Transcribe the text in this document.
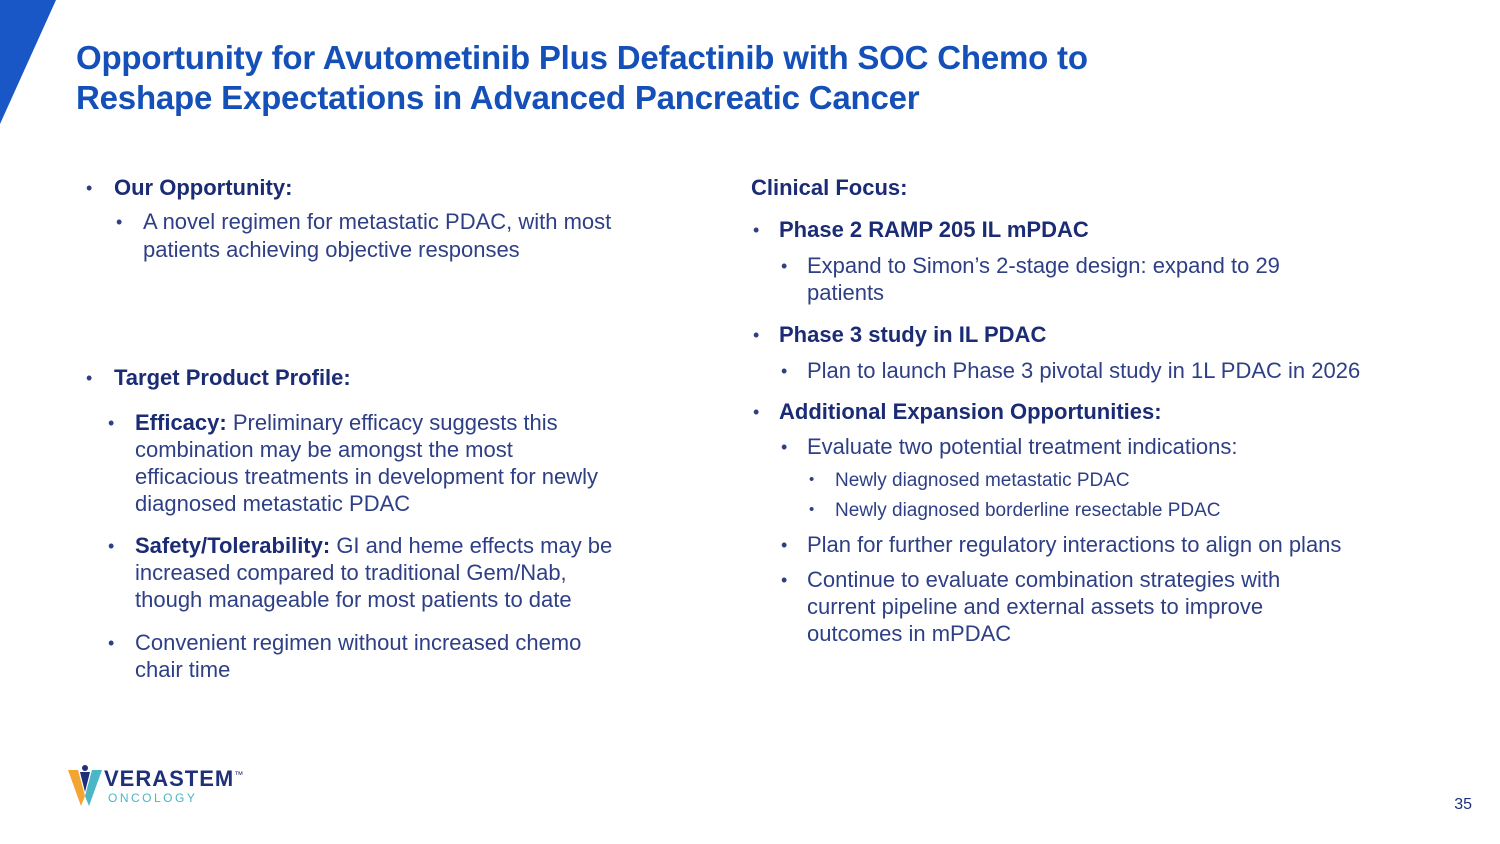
Opportunity for Avutometinib Plus Defactinib with SOC Chemo to
Reshape Expectations in Advanced Pancreatic Cancer
• Our Opportunity:

• A novel regimen for metastatic PDAC, with most

patients achieving objective responses

• Target Product Profile:

• Efficacy: Preliminary efficacy suggests this

combination may be amongst the most

efficacious treatments in development for newly

diagnosed metastatic PDAC

• Safety/Tolerability: GI and heme effects may be

increased compared to traditional Gem/Nab,

though manageable for most patients to date

• Convenient regimen without increased chemo

chair time

Clinical Focus:

• Phase 2 RAMP 205 IL mPDAC

• Expand to Simon’s 2-stage design: expand to 29

patients

• Phase 3 study in IL PDAC

• Plan to launch Phase 3 pivotal study in 1L PDAC in 2026

• Additional Expansion Opportunities:

• Evaluate two potential treatment indications:

• Newly diagnosed metastatic PDAC

• Newly diagnosed borderline resectable PDAC

• Plan for further regulatory interactions to align on plans

• Continue to evaluate combination strategies with

current pipeline and external assets to improve

outcomes in mPDAC

VERASTEM™

ONCOLOGY	35
